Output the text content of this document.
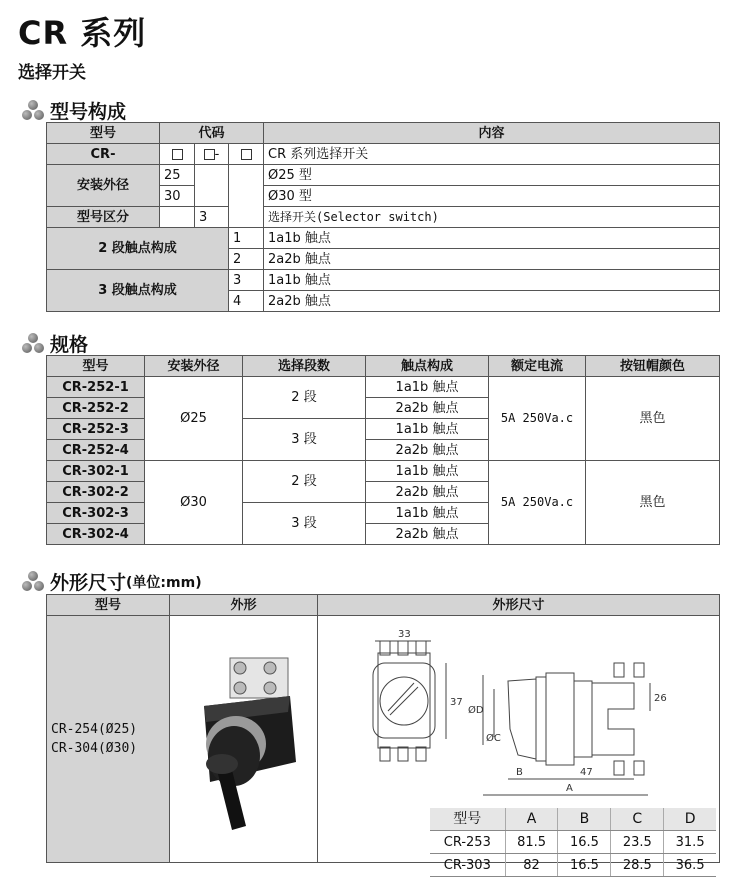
CR 系列
选择开关
型号构成
型号	代码			内容
CR-		-		CR 系列选择开关
安装外径	25			Ø25 型
	30			Ø30 型
型号区分		3		选择开关(Selector switch)
2 段触点构成			1	1a1b 触点
			2	2a2b 触点
3 段触点构成			3	1a1b 触点
			4	2a2b 触点
规格
型号	安装外径	选择段数	触点构成	额定电流	按钮帽颜色
CR-252-1	Ø25	2 段	1a1b 触点	5A 250Va.c	黑色
CR-252-2			2a2b 触点		
CR-252-3		3 段	1a1b 触点		
CR-252-4			2a2b 触点		
CR-302-1	Ø30	2 段	1a1b 触点	5A 250Va.c	黑色
CR-302-2			2a2b 触点		
CR-302-3		3 段	1a1b 触点		
CR-302-4			2a2b 触点		
外形尺寸 (单位:mm)
型号	外形	外形尺寸

CR-254(Ø25)
CR-304(Ø30)

33
37	26
47
ØD
ØC
A
B
型号	A	B	C	D
CR-253	81.5	16.5	23.5	31.5
CR-303	82	16.5	28.5	36.5
